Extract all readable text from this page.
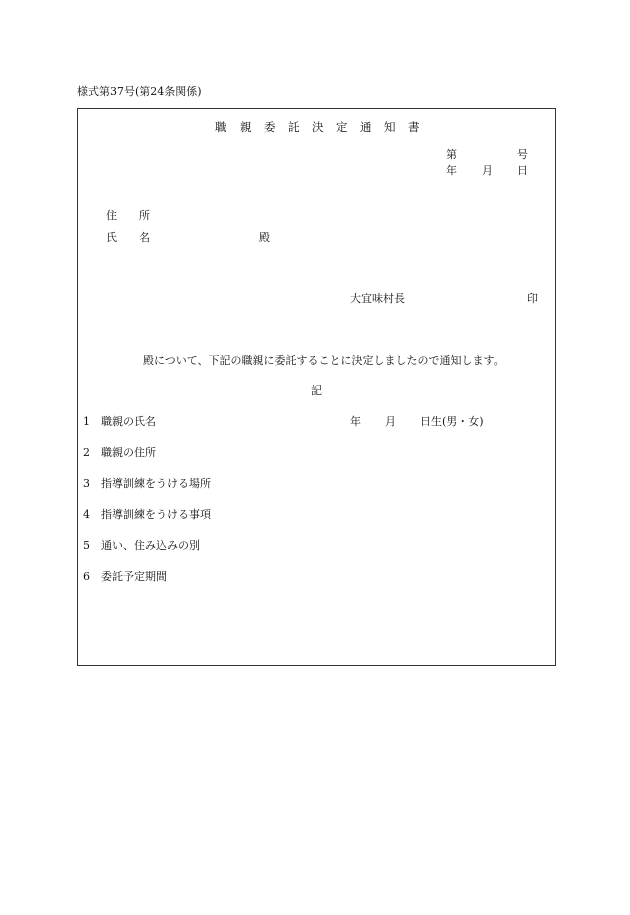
様式第37号(第24条関係)
職 親 委 託 決 定 通 知 書
第	号
年 月 日
住　　所
氏　　名	殿
大宜味村長	印
殿について、下記の職親に委託することに決定しましたので通知します。
記
1 職親の氏名	年 月 日生(男・女)
2 職親の住所
3 指導訓練をうける場所
4 指導訓練をうける事項
5 通い、住み込みの別
6 委託予定期間
